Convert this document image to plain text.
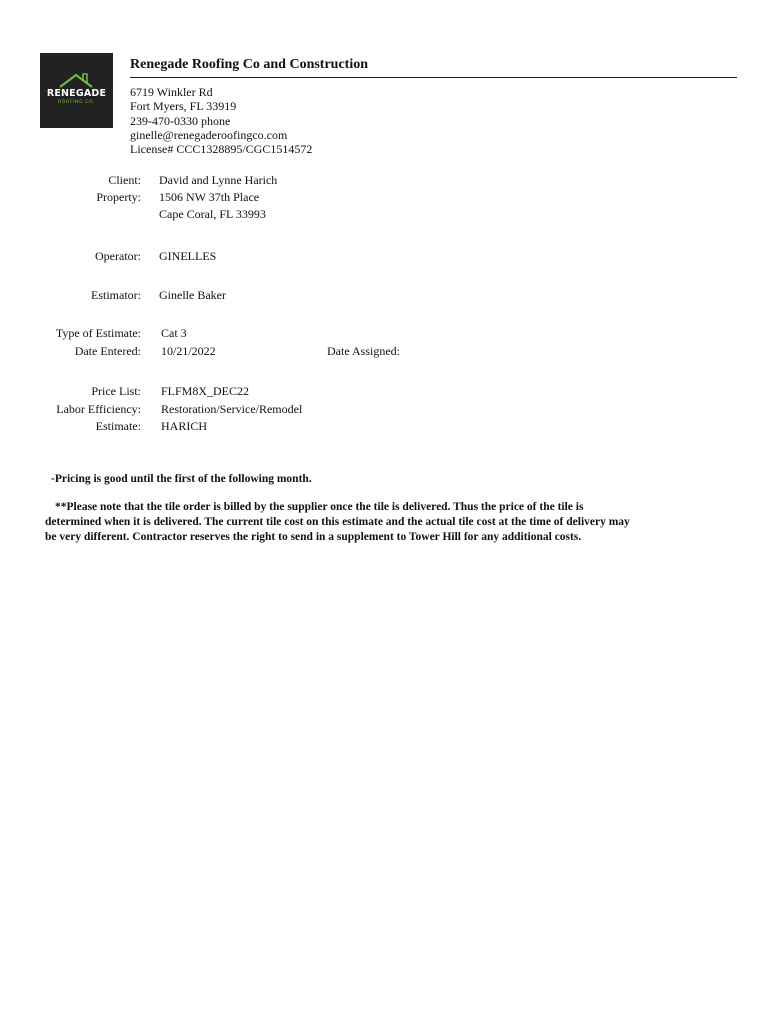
RENEGADE
ROOFING CO.
Renegade Roofing Co and Construction
6719 Winkler Rd
Fort Myers, FL 33919
239-470-0330 phone
ginelle@renegaderoofingco.com
License# CCC1328895/CGC1514572
Client: David and Lynne Harich
Property: 1506 NW 37th Place
Cape Coral, FL 33993
Operator: GINELLES
Estimator: Ginelle Baker
Type of Estimate: Cat 3
Date Entered: 10/21/2022	Date Assigned:
Price List: FLFM8X_DEC22
Labor Efficiency: Restoration/Service/Remodel
Estimate: HARICH
-Pricing is good until the first of the following month.
**Please note that the tile order is billed by the supplier once the tile is delivered. Thus the price of the tile is
determined when it is delivered. The current tile cost on this estimate and the actual tile cost at the time of delivery may
be very different. Contractor reserves the right to send in a supplement to Tower Hill for any additional costs.
